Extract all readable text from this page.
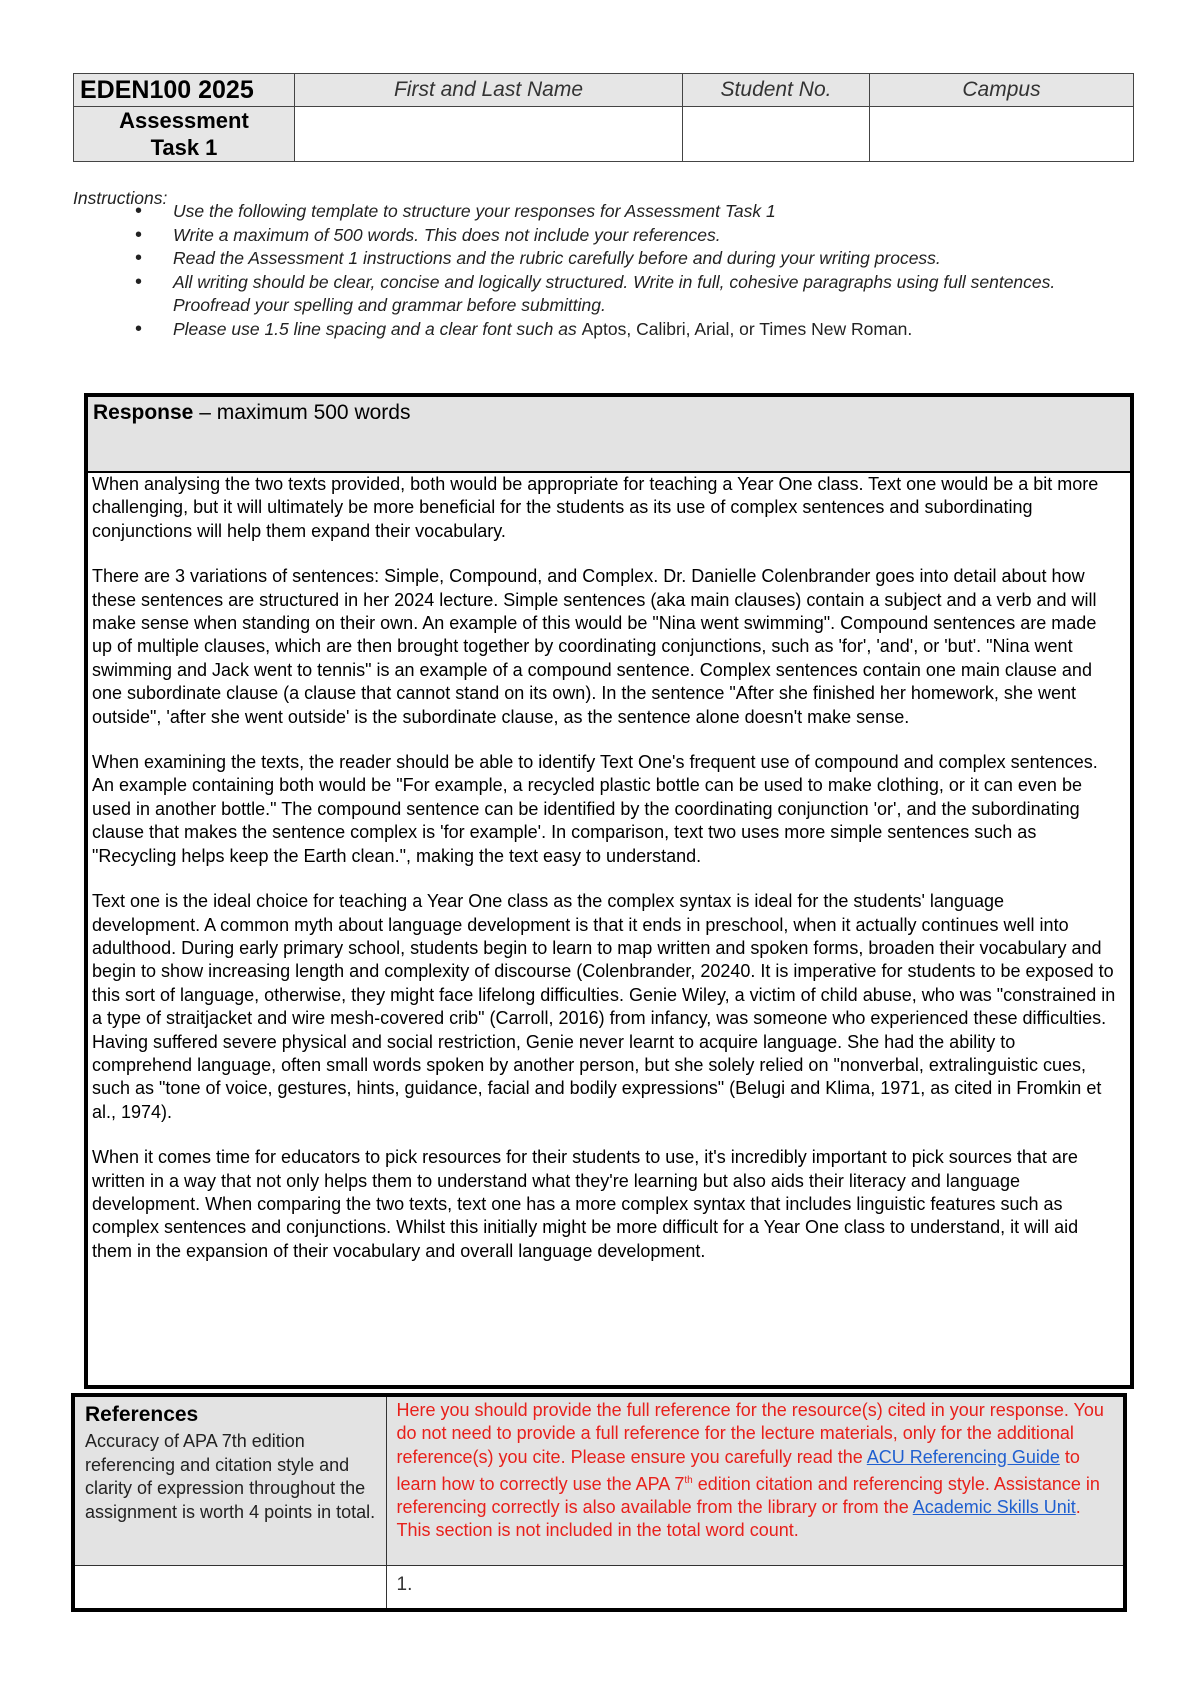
EDEN100 2025	First and Last Name	Student No.	Campus
Assessment Task 1			
Instructions:
• Use the following template to structure your responses for Assessment Task 1
• Write a maximum of 500 words. This does not include your references.
• Read the Assessment 1 instructions and the rubric carefully before and during your writing process.
• All writing should be clear, concise and logically structured. Write in full, cohesive paragraphs using full sentences. Proofread your spelling and grammar before submitting.
• Please use 1.5 line spacing and a clear font such as Aptos, Calibri, Arial, or Times New Roman.
Response – maximum 500 words

When analysing the two texts provided, both would be appropriate for teaching a Year One class. Text one would be a bit more challenging, but it will ultimately be more beneficial for the students as its use of complex sentences and subordinating conjunctions will help them expand their vocabulary.

There are 3 variations of sentences: Simple, Compound, and Complex. Dr. Danielle Colenbrander goes into detail about how these sentences are structured in her 2024 lecture. Simple sentences (aka main clauses) contain a subject and a verb and will make sense when standing on their own. An example of this would be "Nina went swimming". Compound sentences are made up of multiple clauses, which are then brought together by coordinating conjunctions, such as 'for', 'and', or 'but'. "Nina went swimming and Jack went to tennis" is an example of a compound sentence. Complex sentences contain one main clause and one subordinate clause (a clause that cannot stand on its own). In the sentence "After she finished her homework, she went outside", 'after she went outside' is the subordinate clause, as the sentence alone doesn't make sense.

When examining the texts, the reader should be able to identify Text One's frequent use of compound and complex sentences. An example containing both would be "For example, a recycled plastic bottle can be used to make clothing, or it can even be used in another bottle." The compound sentence can be identified by the coordinating conjunction 'or', and the subordinating clause that makes the sentence complex is 'for example'. In comparison, text two uses more simple sentences such as "Recycling helps keep the Earth clean.", making the text easy to understand.

Text one is the ideal choice for teaching a Year One class as the complex syntax is ideal for the students' language development. A common myth about language development is that it ends in preschool, when it actually continues well into adulthood. During early primary school, students begin to learn to map written and spoken forms, broaden their vocabulary and begin to show increasing length and complexity of discourse (Colenbrander, 20240. It is imperative for students to be exposed to this sort of language, otherwise, they might face lifelong difficulties. Genie Wiley, a victim of child abuse, who was "constrained in a type of straitjacket and wire mesh-covered crib" (Carroll, 2016) from infancy, was someone who experienced these difficulties. Having suffered severe physical and social restriction, Genie never learnt to acquire language. She had the ability to comprehend language, often small words spoken by another person, but she solely relied on "nonverbal, extralinguistic cues, such as "tone of voice, gestures, hints, guidance, facial and bodily expressions" (Belugi and Klima, 1971, as cited in Fromkin et al., 1974).

When it comes time for educators to pick resources for their students to use, it's incredibly important to pick sources that are written in a way that not only helps them to understand what they're learning but also aids their literacy and language development. When comparing the two texts, text one has a more complex syntax that includes linguistic features such as complex sentences and conjunctions. Whilst this initially might be more difficult for a Year One class to understand, it will aid them in the expansion of their vocabulary and overall language development.

References
Accuracy of APA 7th edition referencing and citation style and clarity of expression throughout the assignment is worth 4 points in total.	Here you should provide the full reference for the resource(s) cited in your response. You do not need to provide a full reference for the lecture materials, only for the additional reference(s) you cite. Please ensure you carefully read the ACU Referencing Guide to learn how to correctly use the APA 7th edition citation and referencing style. Assistance in referencing correctly is also available from the library or from the Academic Skills Unit. This section is not included in the total word count.

	1.
